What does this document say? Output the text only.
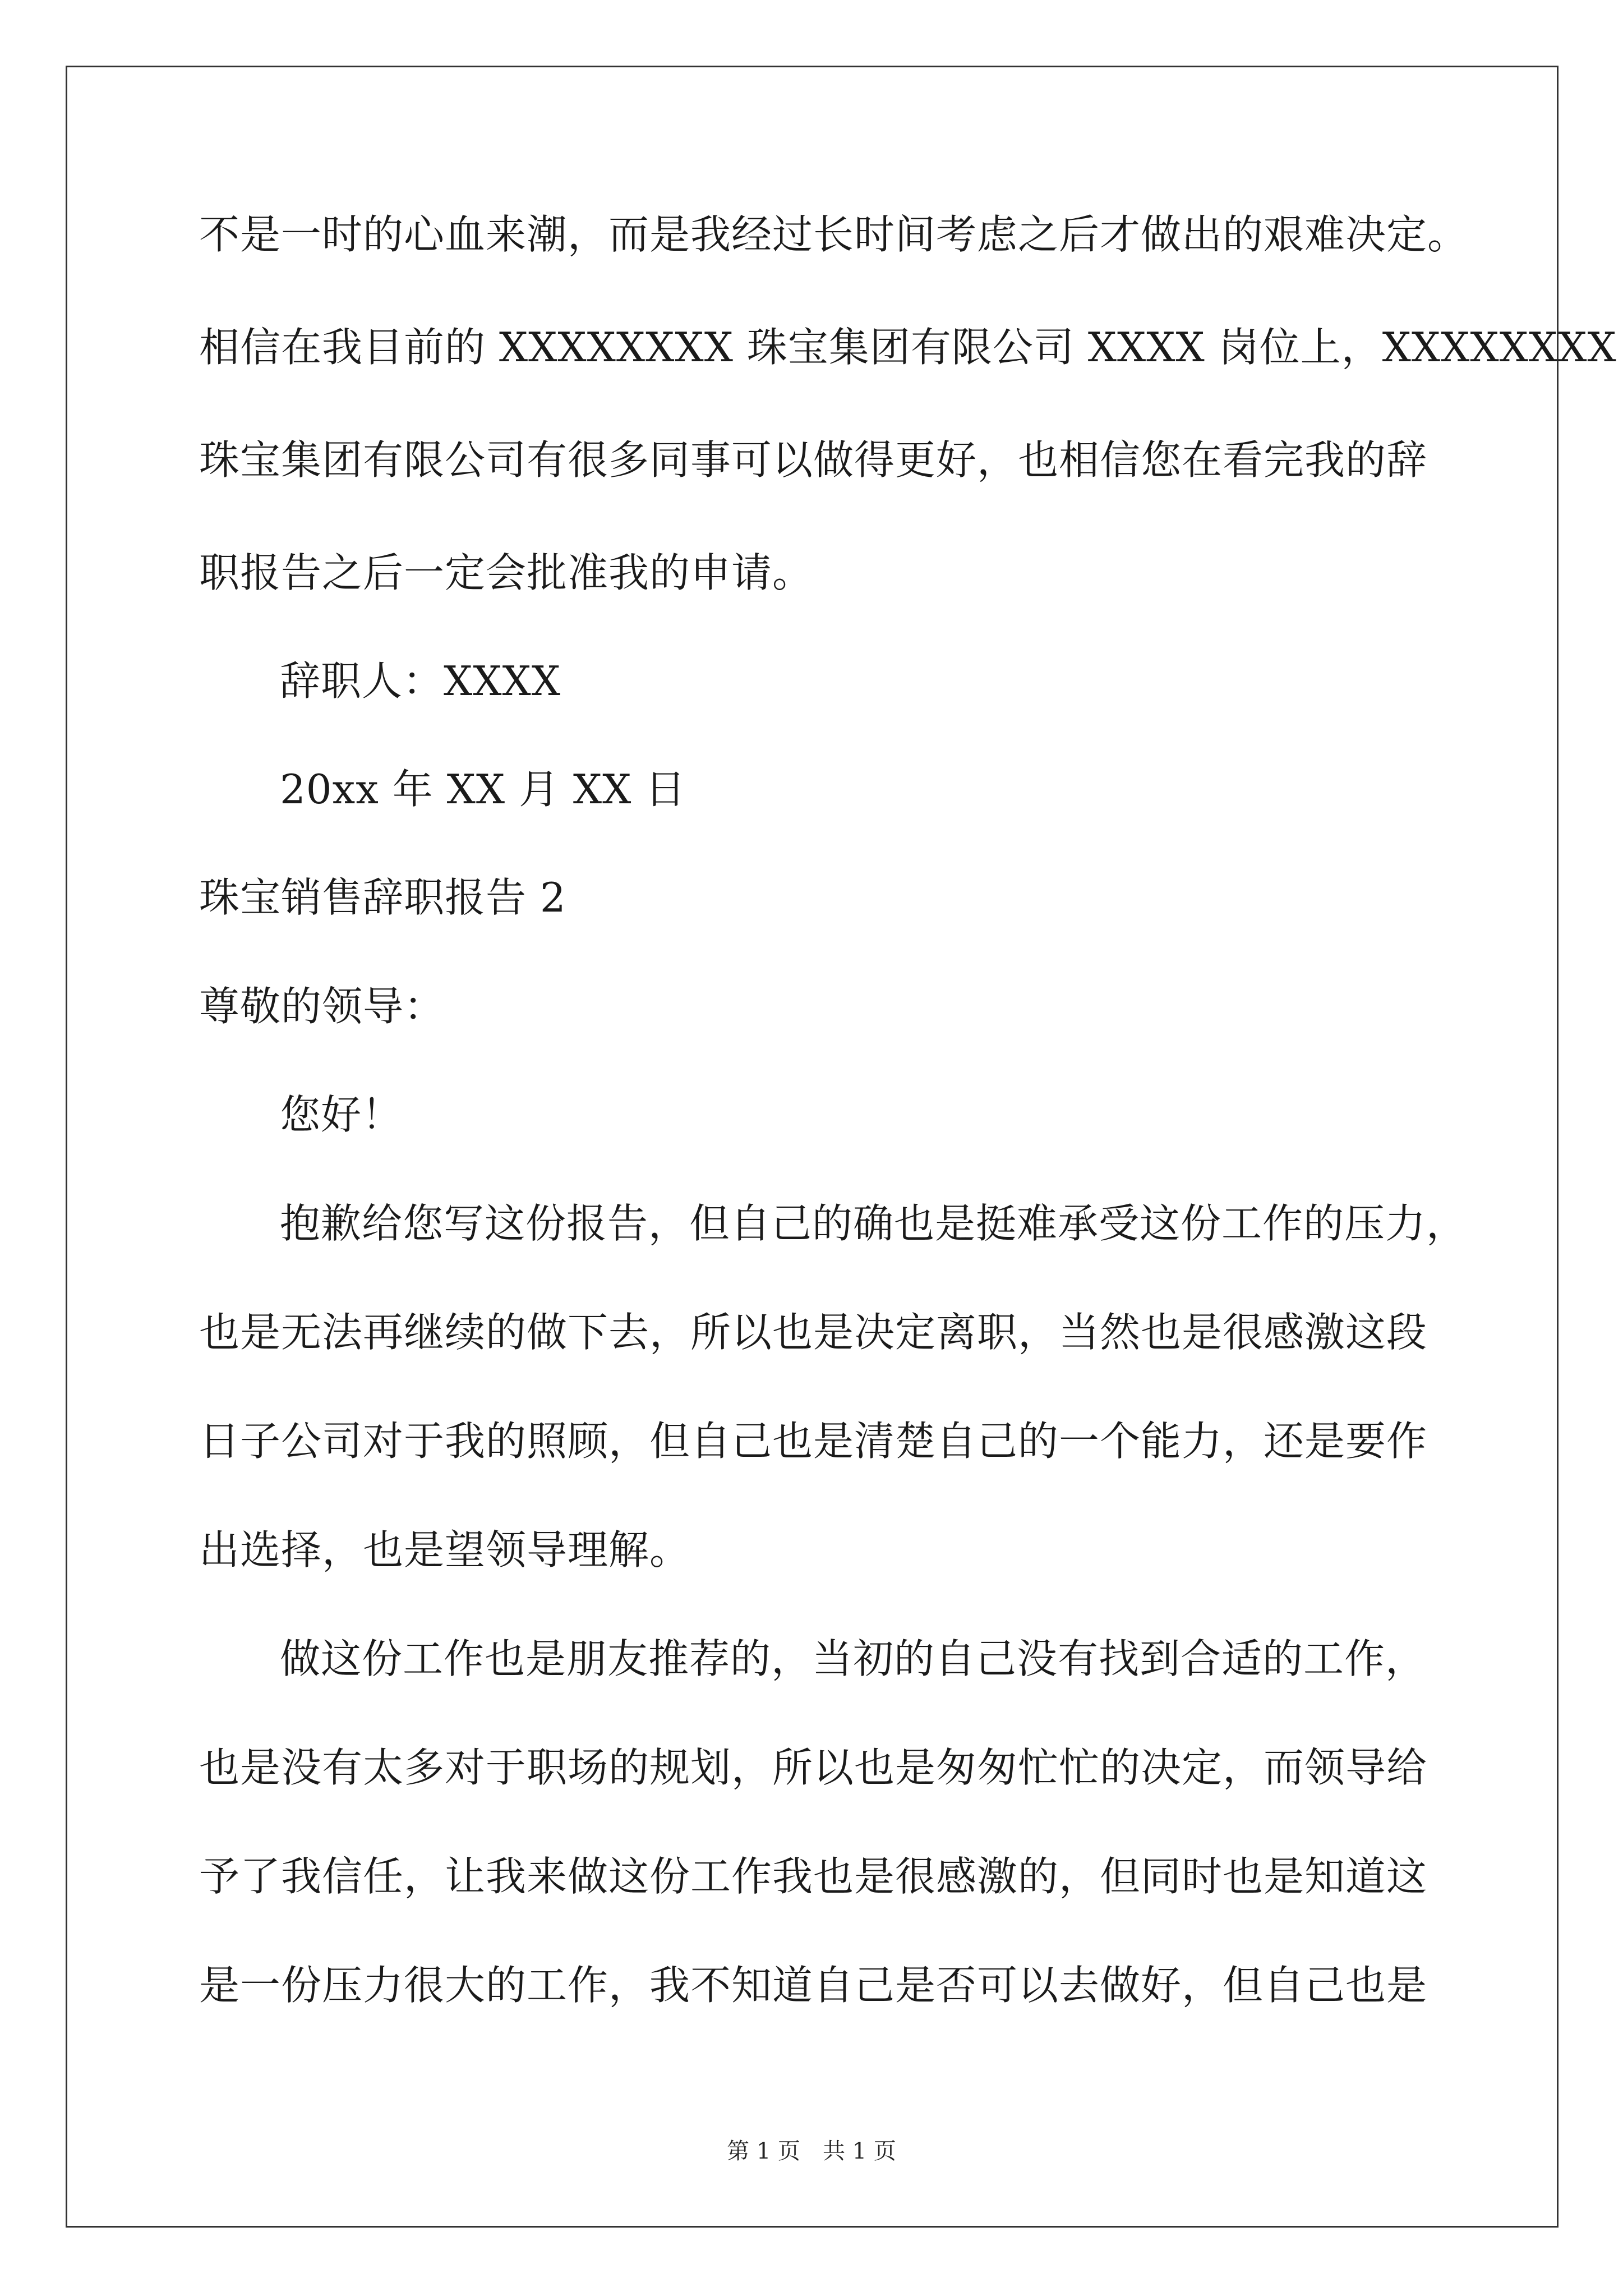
不是一时的心血来潮，而是我经过长时间考虑之后才做出的艰难决定。
相信在我目前的 XXXXXXXX 珠宝集团有限公司 XXXX 岗位上，XXXXXXXX
珠宝集团有限公司有很多同事可以做得更好，也相信您在看完我的辞
职报告之后一定会批准我的申请。
辞职人：XXXX
20xx 年 XX 月 XX 日
珠宝销售辞职报告 2
尊敬的领导：
您好！
抱歉给您写这份报告，但自己的确也是挺难承受这份工作的压力，
也是无法再继续的做下去，所以也是决定离职，当然也是很感激这段
日子公司对于我的照顾，但自己也是清楚自己的一个能力，还是要作
出选择，也是望领导理解。
做这份工作也是朋友推荐的，当初的自己没有找到合适的工作，
也是没有太多对于职场的规划，所以也是匆匆忙忙的决定，而领导给
予了我信任，让我来做这份工作我也是很感激的，但同时也是知道这
是一份压力很大的工作，我不知道自己是否可以去做好，但自己也是
第 1 页 共 1 页
